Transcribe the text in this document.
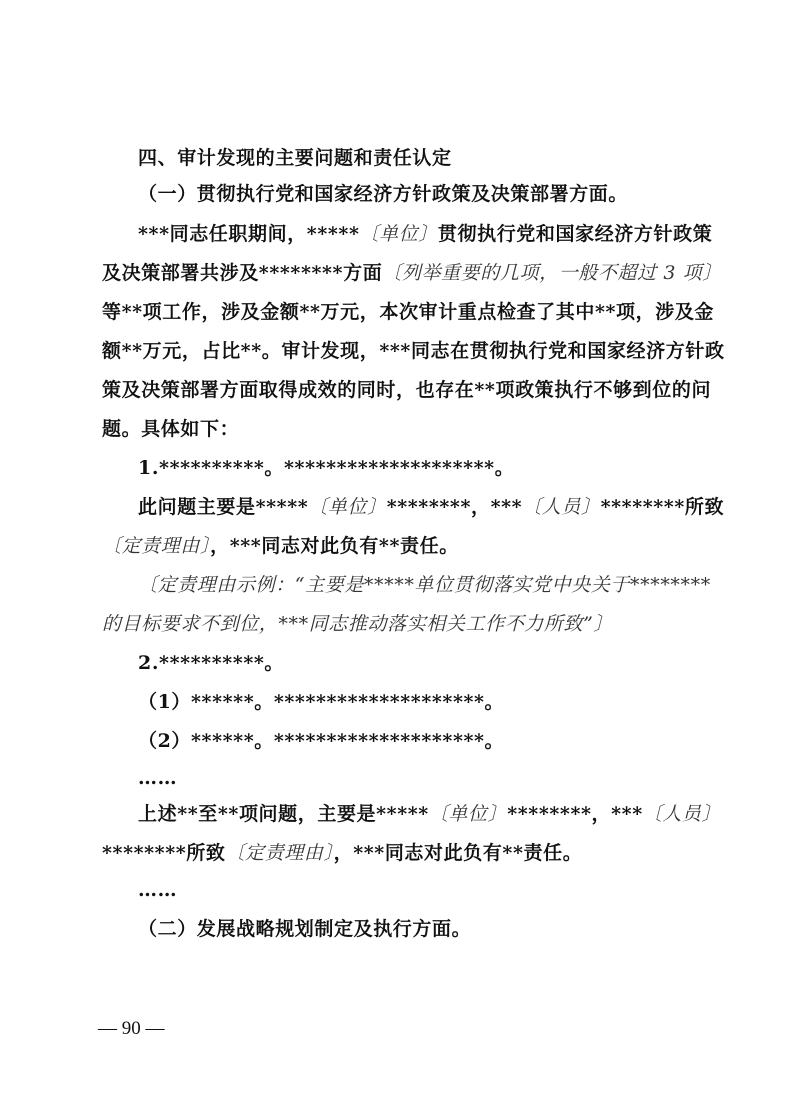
四、审计发现的主要问题和责任认定
（一）贯彻执行党和国家经济方针政策及决策部署方面。
***同志任职期间，*****〔单位〕贯彻执行党和国家经济方针政策
及决策部署共涉及********方面〔列举重要的几项，一般不超过 3 项〕
等**项工作，涉及金额**万元，本次审计重点检查了其中**项，涉及金
额**万元，占比**。审计发现，***同志在贯彻执行党和国家经济方针政
策及决策部署方面取得成效的同时，也存在**项政策执行不够到位的问
题。具体如下：
1.**********。********************。
此问题主要是*****〔单位〕********，***〔人员〕********所致
〔定责理由〕，***同志对此负有**责任。
〔定责理由示例：“主要是*****单位贯彻落实党中央关于********
的目标要求不到位，***同志推动落实相关工作不力所致”〕
2.**********。
（1）******。********************。
（2）******。********************。
……
上述**至**项问题，主要是*****〔单位〕********，***〔人员〕
********所致〔定责理由〕，***同志对此负有**责任。
……
（二）发展战略规划制定及执行方面。
— 90 —
